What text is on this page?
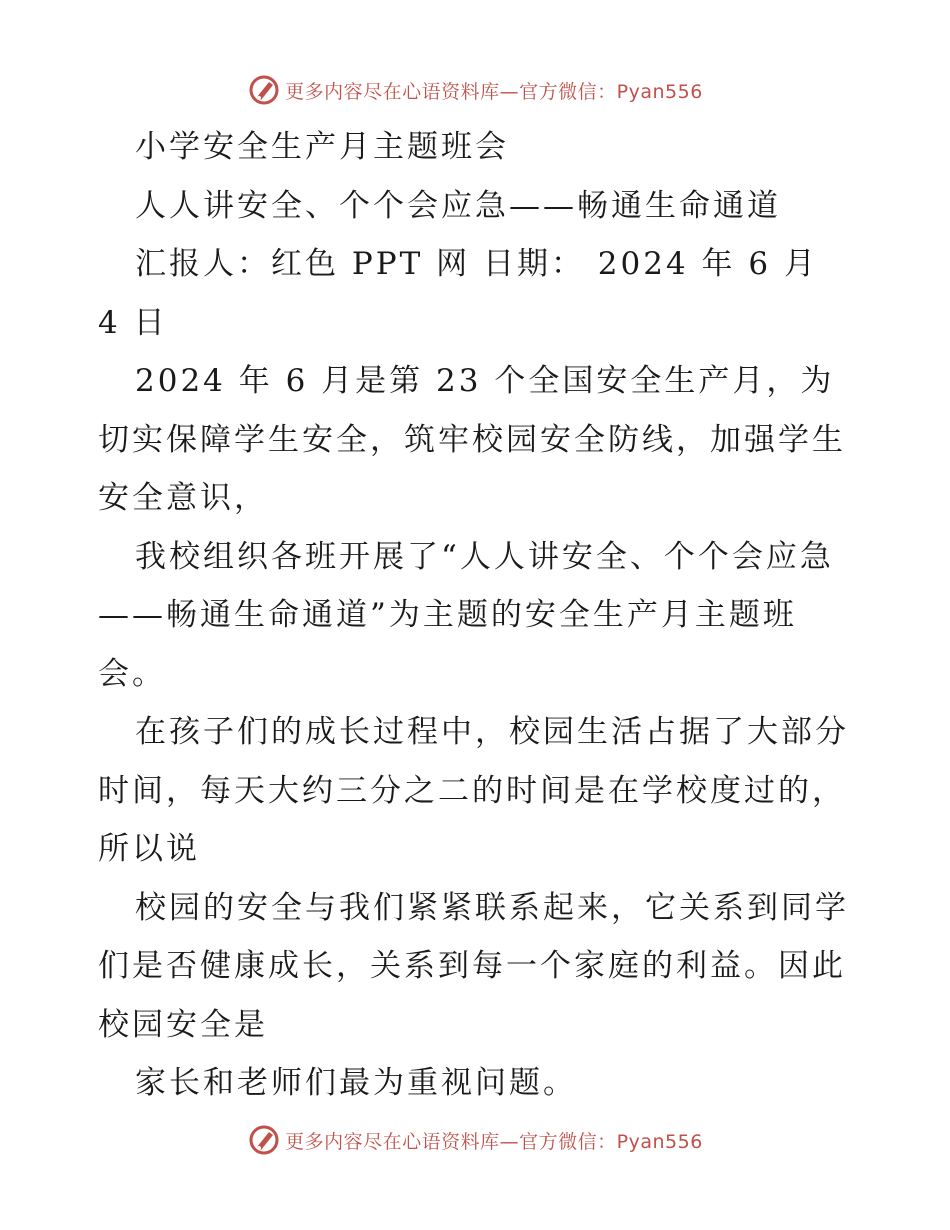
更多内容尽在心语资料库—官方微信：Pyan556

小学安全生产月主题班会

人人讲安全、个个会应急——畅通生命通道

汇报人：红色 PPT 网 日期： 2024 年 6 月 4 日

2024 年 6 月是第 23 个全国安全生产月，为切实保障学生安全，筑牢校园安全防线，加强学生安全意识，

我校组织各班开展了“人人讲安全、个个会应急——畅通生命通道”为主题的安全生产月主题班会。

在孩子们的成长过程中，校园生活占据了大部分时间，每天大约三分之二的时间是在学校度过的，所以说

校园的安全与我们紧紧联系起来，它关系到同学们是否健康成长，关系到每一个家庭的利益。因此校园安全是

家长和老师们最为重视问题。

更多内容尽在心语资料库—官方微信：Pyan556
